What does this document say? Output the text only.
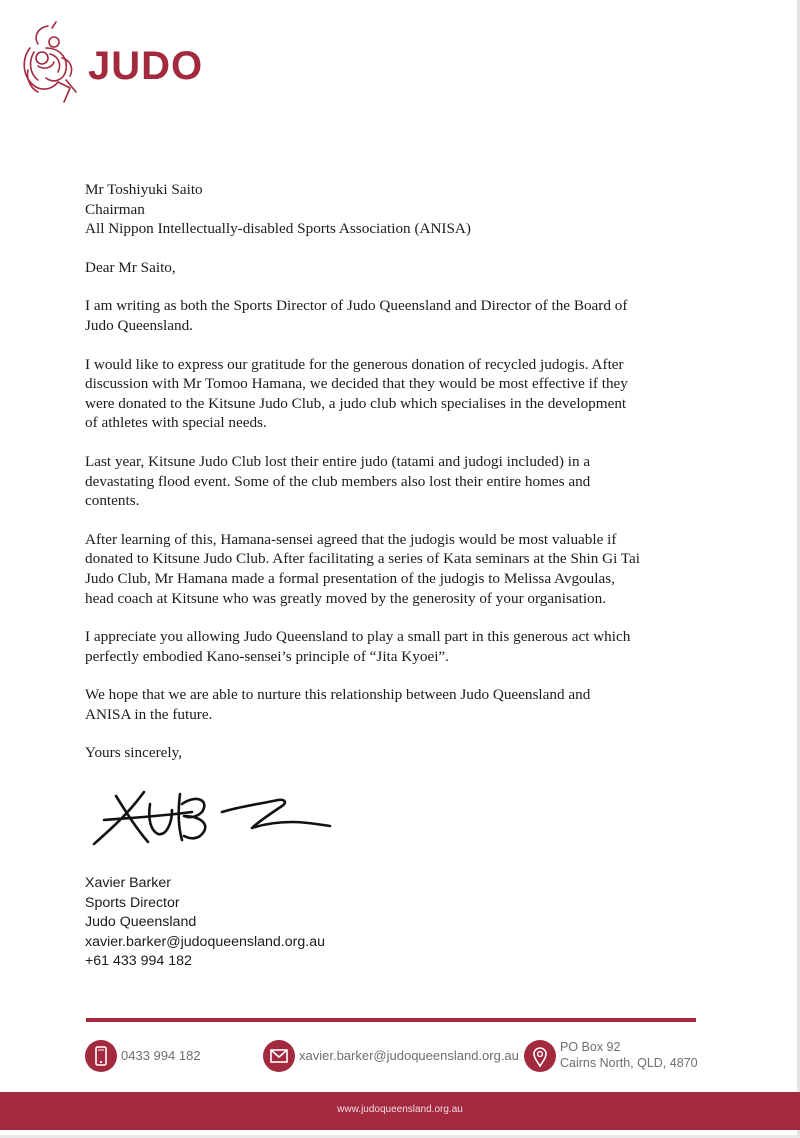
JUDO
Mr Toshiyuki Saito
Chairman
All Nippon Intellectually-disabled Sports Association (ANISA)
Dear Mr Saito,
I am writing as both the Sports Director of Judo Queensland and Director of the Board of
Judo Queensland.
I would like to express our gratitude for the generous donation of recycled judogis. After
discussion with Mr Tomoo Hamana, we decided that they would be most effective if they
were donated to the Kitsune Judo Club, a judo club which specialises in the development
of athletes with special needs.
Last year, Kitsune Judo Club lost their entire judo (tatami and judogi included) in a
devastating flood event. Some of the club members also lost their entire homes and
contents.
After learning of this, Hamana-sensei agreed that the judogis would be most valuable if
donated to Kitsune Judo Club. After facilitating a series of Kata seminars at the Shin Gi Tai
Judo Club, Mr Hamana made a formal presentation of the judogis to Melissa Avgoulas,
head coach at Kitsune who was greatly moved by the generosity of your organisation.
I appreciate you allowing Judo Queensland to play a small part in this generous act which
perfectly embodied Kano-sensei’s principle of “Jita Kyoei”.
We hope that we are able to nurture this relationship between Judo Queensland and
ANISA in the future.
Yours sincerely,
Xavier Barker
Sports Director
Judo Queensland
xavier.barker@judoqueensland.org.au
+61 433 994 182
0433 994 182	xavier.barker@judoqueensland.org.au
PO Box 92
Cairns North, QLD, 4870
www.judoqueensland.org.au
